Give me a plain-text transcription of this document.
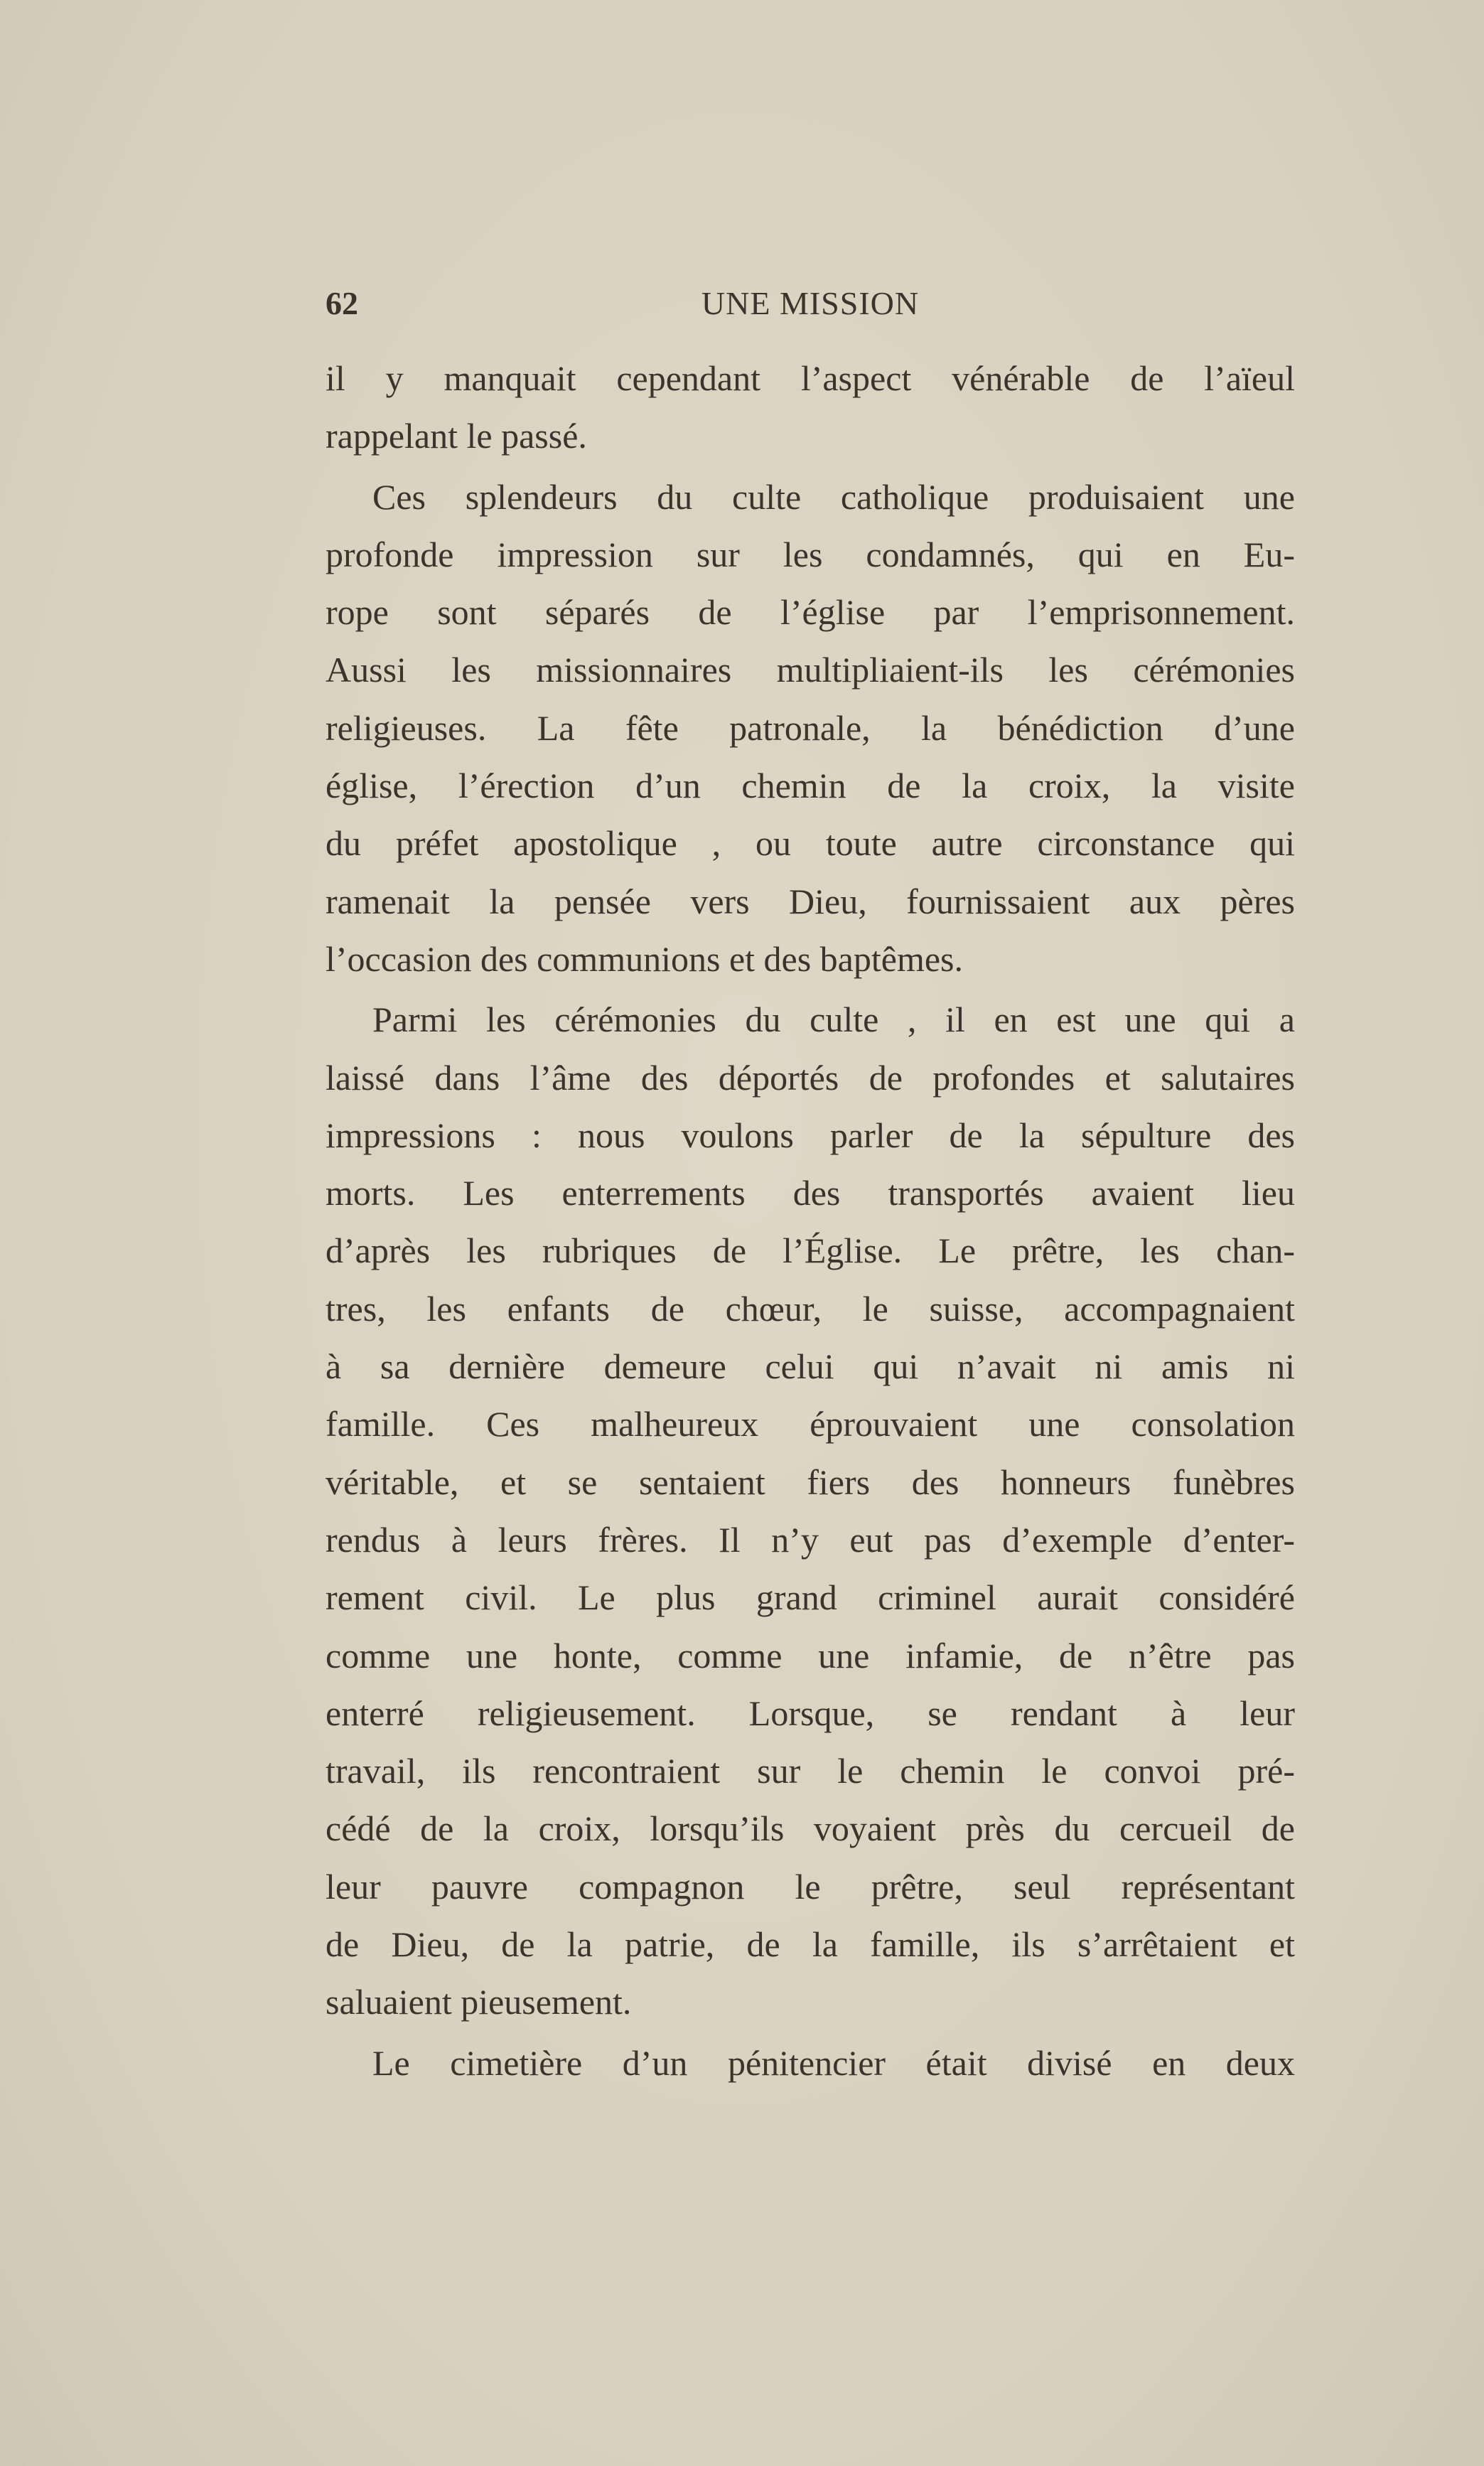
62	UNE MISSION
il y manquait cependant l’aspect vénérable de l’aïeul
rappelant le passé.
Ces splendeurs du culte catholique produisaient une
profonde impression sur les condamnés, qui en Eu-
rope sont séparés de l’église par l’emprisonnement.
Aussi les missionnaires multipliaient-ils les cérémonies
religieuses. La fête patronale, la bénédiction d’une
église, l’érection d’un chemin de la croix, la visite
du préfet apostolique , ou toute autre circonstance qui
ramenait la pensée vers Dieu, fournissaient aux pères
l’occasion des communions et des baptêmes.
Parmi les cérémonies du culte , il en est une qui a
laissé dans l’âme des déportés de profondes et salutaires
impressions : nous voulons parler de la sépulture des
morts. Les enterrements des transportés avaient lieu
d’après les rubriques de l’Église. Le prêtre, les chan-
tres, les enfants de chœur, le suisse, accompagnaient
à sa dernière demeure celui qui n’avait ni amis ni
famille. Ces malheureux éprouvaient une consolation
véritable, et se sentaient fiers des honneurs funèbres
rendus à leurs frères. Il n’y eut pas d’exemple d’enter-
rement civil. Le plus grand criminel aurait considéré
comme une honte, comme une infamie, de n’être pas
enterré religieusement. Lorsque, se rendant à leur
travail, ils rencontraient sur le chemin le convoi pré-
cédé de la croix, lorsqu’ils voyaient près du cercueil de
leur pauvre compagnon le prêtre, seul représentant
de Dieu, de la patrie, de la famille, ils s’arrêtaient et
saluaient pieusement.
Le cimetière d’un pénitencier était divisé en deux
